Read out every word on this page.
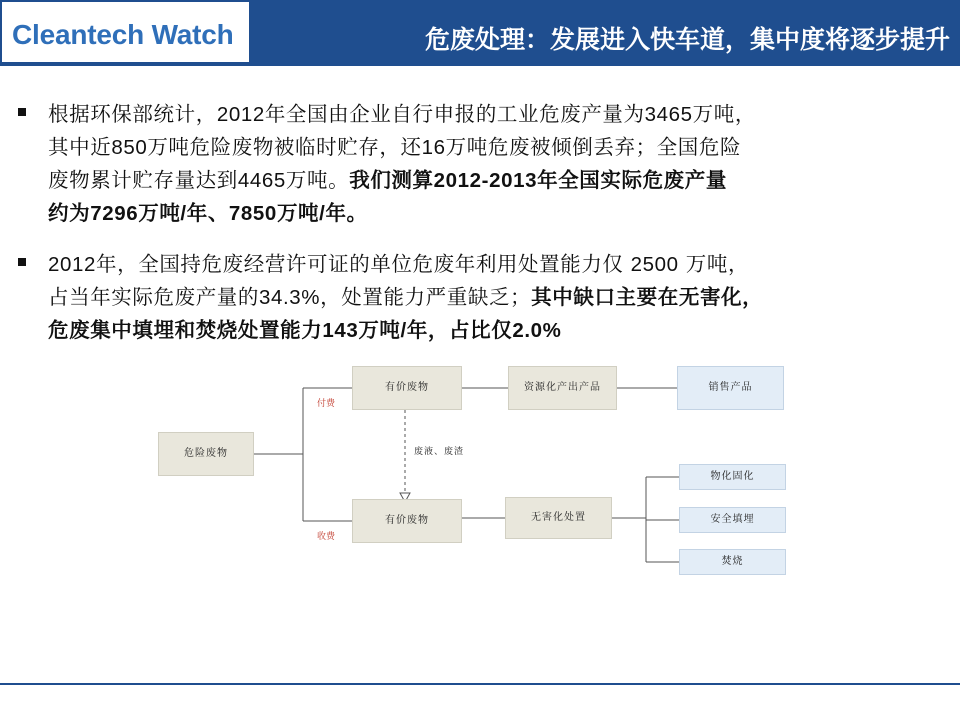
Cleantech Watch	危废处理：发展进入快车道，集中度将逐步提升
根据环保部统计，2012年全国由企业自行申报的工业危废产量为3465万吨，
其中近850万吨危险废物被临时贮存，还16万吨危废被倾倒丢弃；全国危险
废物累计贮存量达到4465万吨。我们测算2012-2013年全国实际危废产量
约为7296万吨/年、7850万吨/年。
2012年，全国持危废经营许可证的单位危废年利用处置能力仅 2500 万吨，
占当年实际危废产量的34.3%，处置能力严重缺乏；其中缺口主要在无害化，
危废集中填埋和焚烧处置能力143万吨/年，占比仅2.0%
危险废物
付费
收费
有价废物
有价废物
废液、废渣
资源化产出产品	销售产品
无害化处置
物化固化
安全填埋
焚烧
